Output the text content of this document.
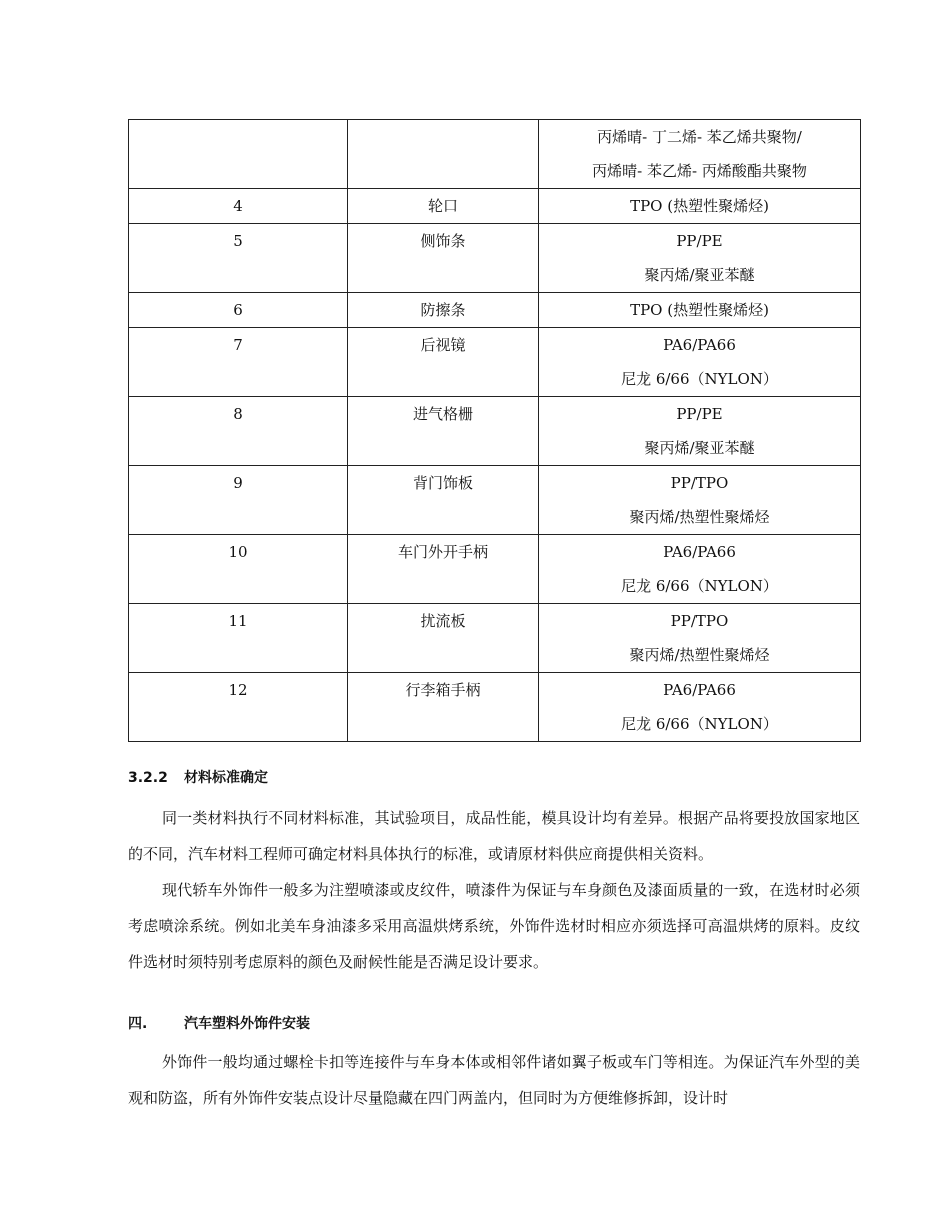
		丙烯晴- 丁二烯- 苯乙烯共聚物/
丙烯晴- 苯乙烯- 丙烯酸酯共聚物

4	轮口	TPO (热塑性聚烯烃)

5	侧饰条	PP/PE
聚丙烯/聚亚苯醚

6	防擦条	TPO (热塑性聚烯烃)

7	后视镜	PA6/PA66
尼龙 6/66（NYLON）

8	进气格栅	PP/PE
聚丙烯/聚亚苯醚

9	背门饰板	PP/TPO
聚丙烯/热塑性聚烯烃

10	车门外开手柄	PA6/PA66
尼龙 6/66（NYLON）

11	扰流板	PP/TPO
聚丙烯/热塑性聚烯烃

12	行李箱手柄	PA6/PA66
尼龙 6/66（NYLON）
3.2.2 材料标准确定

同一类材料执行不同材料标准，其试验项目，成品性能，模具设计均有差异。根据产品将要投放国家地区的不同，汽车材料工程师可确定材料具体执行的标准，或请原材料供应商提供相关资料。

现代轿车外饰件一般多为注塑喷漆或皮纹件，喷漆件为保证与车身颜色及漆面质量的一致，在选材时必须考虑喷涂系统。例如北美车身油漆多采用高温烘烤系统，外饰件选材时相应亦须选择可高温烘烤的原料。皮纹件选材时须特别考虑原料的颜色及耐候性能是否满足设计要求。

四.	汽车塑料外饰件安装

外饰件一般均通过螺栓卡扣等连接件与车身本体或相邻件诸如翼子板或车门等相连。为保证汽车外型的美观和防盗，所有外饰件安装点设计尽量隐藏在四门两盖内，但同时为方便维修拆卸，设计时
